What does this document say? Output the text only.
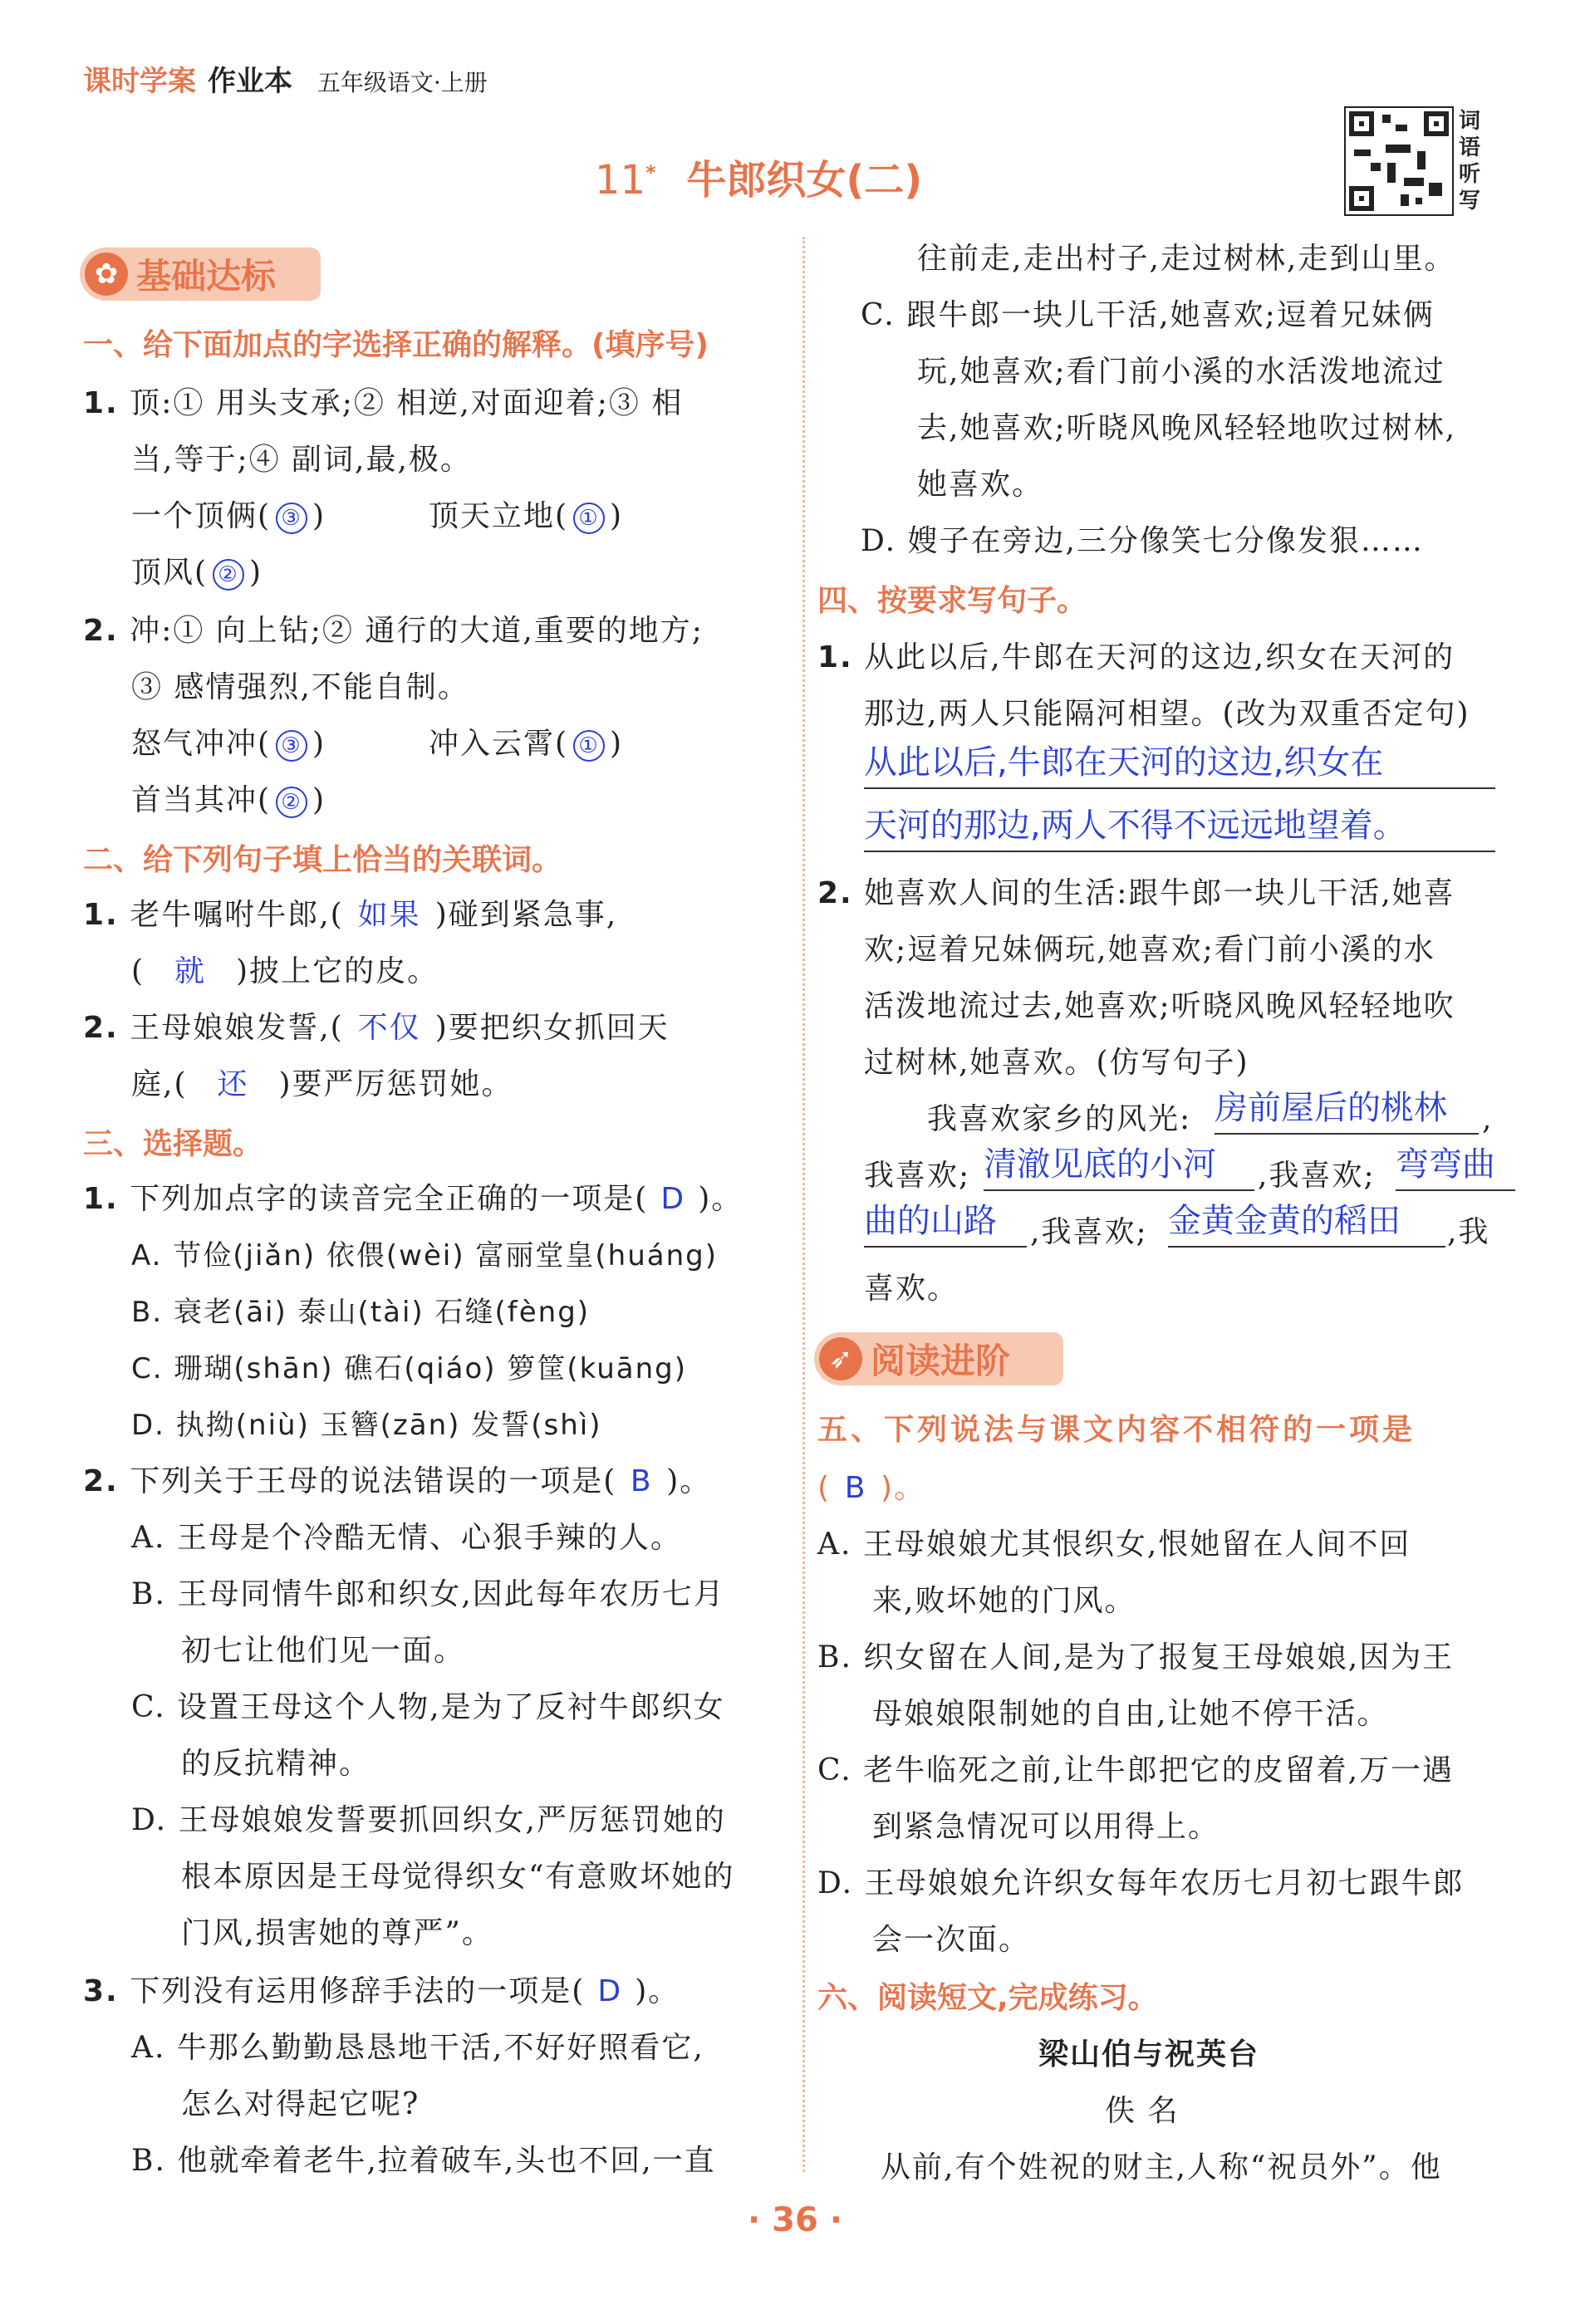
课时学案 作业本 五年级语文·上册
11* 牛郎织女(二)
词语听写
✿ 基础达标
一、给下面加点的字选择正确的解释。(填序号)
1. 顶:① 用头支承;② 相逆,对面迎着;③ 相
当,等于;④ 副词,最,极。
一个顶俩( ③ )	顶天立地( ① )
顶风( ② )
2. 冲:① 向上钻;② 通行的大道,重要的地方;
③ 感情强烈,不能自制。
怒气冲冲( ③ )	冲入云霄( ① )
首当其冲( ② )
二、给下列句子填上恰当的关联词。
1. 老牛嘱咐牛郎,( 如果 )碰到紧急事,
( 就 )披上它的皮。
2. 王母娘娘发誓,( 不仅 )要把织女抓回天
庭,( 还 )要严厉惩罚她。
三、选择题。
1. 下列加点字的读音完全正确的一项是( D )。
A. 节俭(jiǎn) 依偎(wèi) 富丽堂皇(huáng)
B. 衰老(āi) 泰山(tài) 石缝(fèng)
C. 珊瑚(shān) 礁石(qiáo) 箩筐(kuāng)
D. 执拗(niù) 玉簪(zān) 发誓(shì)
2. 下列关于王母的说法错误的一项是( B )。
A. 王母是个冷酷无情、心狠手辣的人。
B. 王母同情牛郎和织女,因此每年农历七月
初七让他们见一面。
C. 设置王母这个人物,是为了反衬牛郎织女
的反抗精神。
D. 王母娘娘发誓要抓回织女,严厉惩罚她的
根本原因是王母觉得织女“有意败坏她的
门风,损害她的尊严”。
3. 下列没有运用修辞手法的一项是( D )。
A. 牛那么勤勤恳恳地干活,不好好照看它,
怎么对得起它呢?
B. 他就牵着老牛,拉着破车,头也不回,一直
往前走,走出村子,走过树林,走到山里。
C. 跟牛郎一块儿干活,她喜欢;逗着兄妹俩
玩,她喜欢;看门前小溪的水活泼地流过
去,她喜欢;听晓风晚风轻轻地吹过树林,
她喜欢。
D. 嫂子在旁边,三分像笑七分像发狠……
四、按要求写句子。
1. 从此以后,牛郎在天河的这边,织女在天河的
那边,两人只能隔河相望。(改为双重否定句)
从此以后,牛郎在天河的这边,织女在
天河的那边,两人不得不远远地望着。
2. 她喜欢人间的生活:跟牛郎一块儿干活,她喜
欢;逗着兄妹俩玩,她喜欢;看门前小溪的水
活泼地流过去,她喜欢;听晓风晚风轻轻地吹
过树林,她喜欢。(仿写句子)
我喜欢家乡的风光: 房前屋后的桃林	,
我喜欢; 清澈见底的小河	,我喜欢; 弯弯曲
曲的山路	,我喜欢; 金黄金黄的稻田	,我
喜欢。
➶ 阅读进阶
五、下列说法与课文内容不相符的一项是
( B )。
A. 王母娘娘尤其恨织女,恨她留在人间不回
来,败坏她的门风。
B. 织女留在人间,是为了报复王母娘娘,因为王
母娘娘限制她的自由,让她不停干活。
C. 老牛临死之前,让牛郎把它的皮留着,万一遇
到紧急情况可以用得上。
D. 王母娘娘允许织女每年农历七月初七跟牛郎
会一次面。
六、阅读短文,完成练习。
梁山伯与祝英台
佚 名
从前,有个姓祝的财主,人称“祝员外”。他
· 36 ·
